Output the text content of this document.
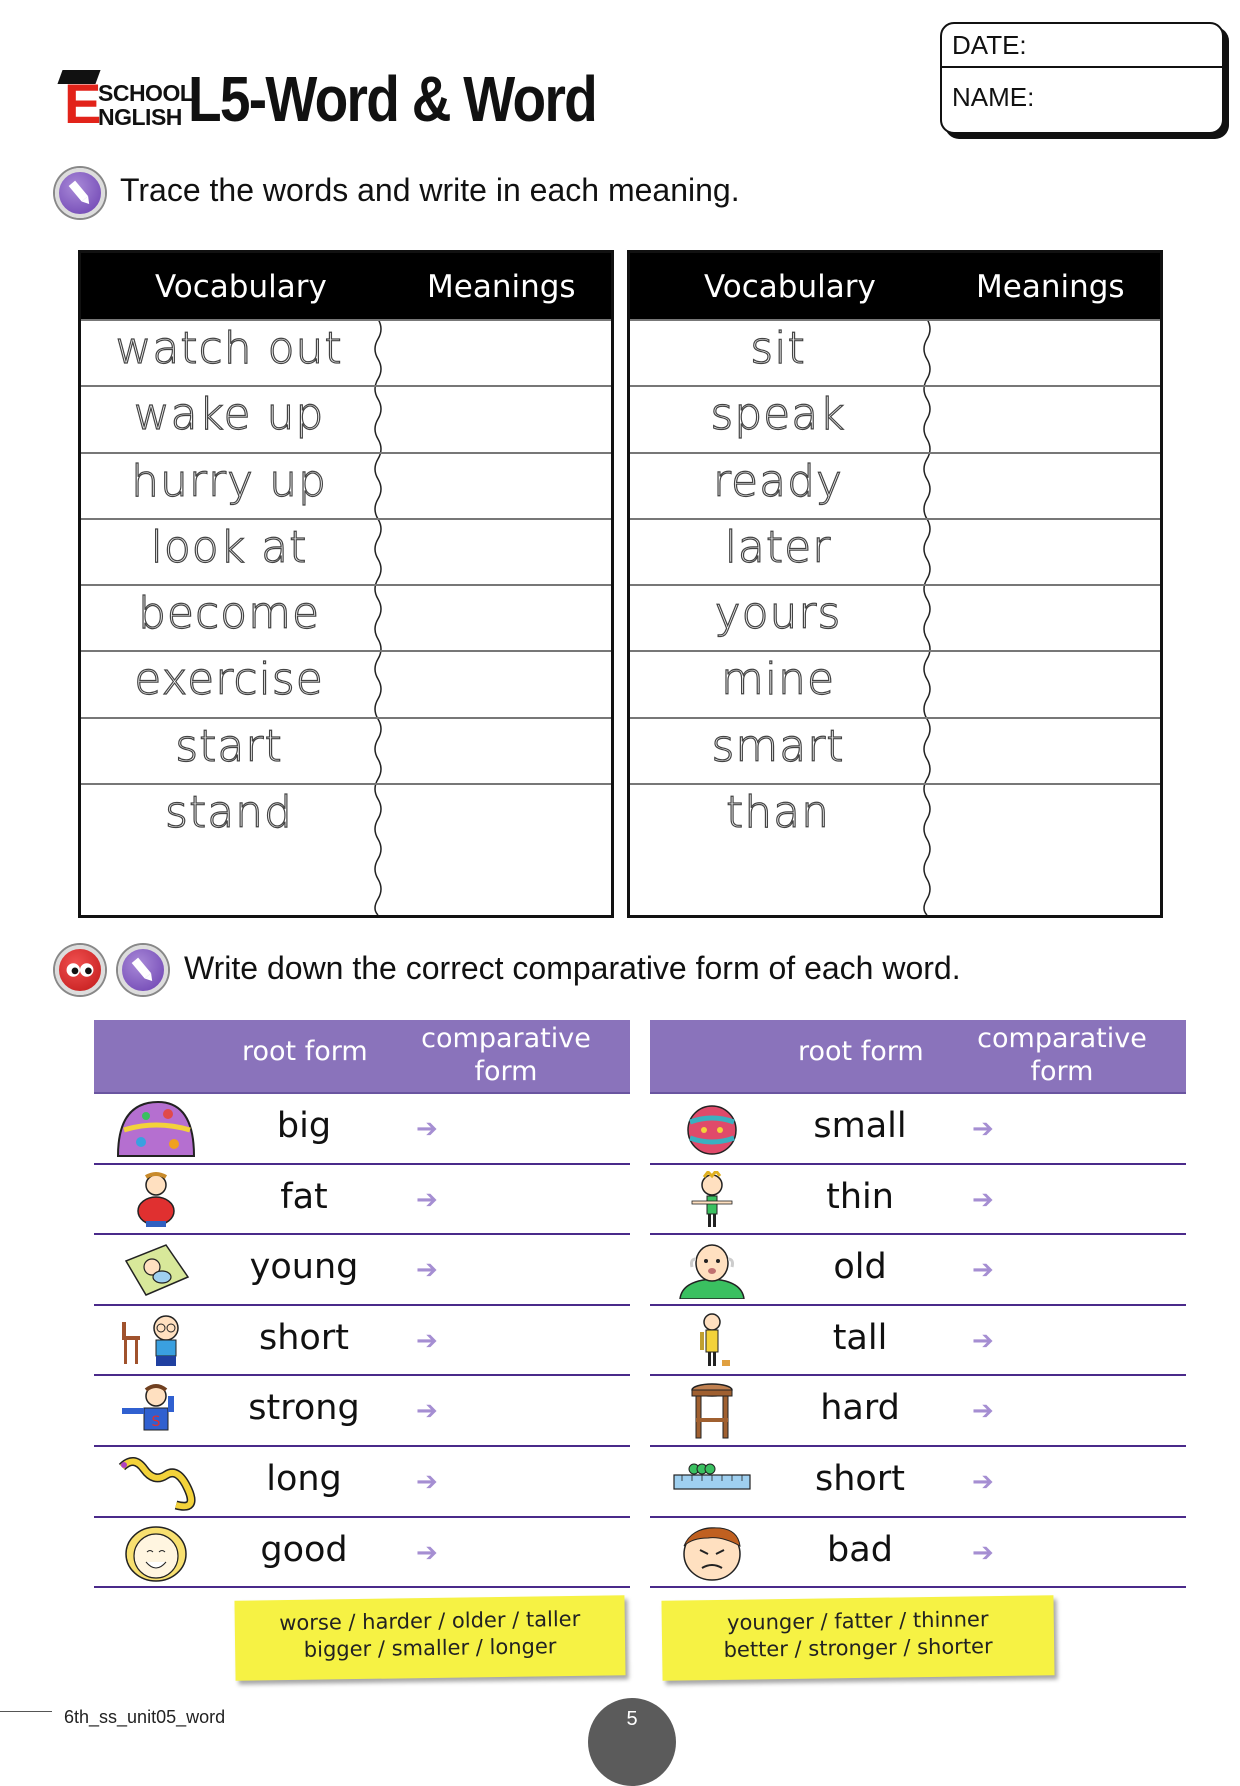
E
SCHOOL
NGLISH L5-Word & Word
DATE:
NAME:
Trace the words and write in each meaning.
Vocabulary	Meanings
watch out
wake up
hurry up
look at
become
exercise
start
stand
Vocabulary	Meanings
sit
speak
ready
later
yours
mine
smart
than
Write down the correct comparative form of each word.
root form	comparative
form
big	➔
fat	➔
young	➔
short	➔
S	strong	➔
long	➔
good	➔
root form	comparative
form
small	➔
thin	➔
old	➔
tall	➔
hard	➔
short	➔
bad	➔
worse / harder / older / taller
bigger / smaller / longer
younger / fatter / thinner
better / stronger / shorter
6th_ss_unit05_word	5
